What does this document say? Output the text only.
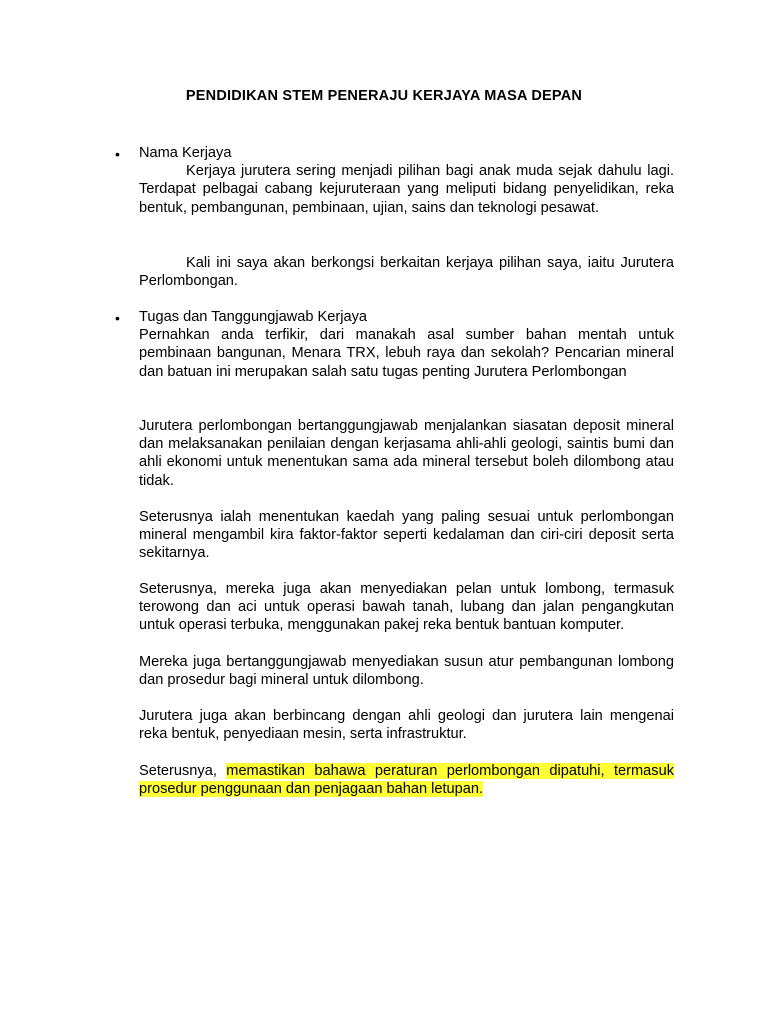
PENDIDIKAN STEM PENERAJU KERJAYA MASA DEPAN
• Nama Kerjaya

Kerjaya jurutera sering menjadi pilihan bagi anak muda sejak dahulu lagi. Terdapat pelbagai cabang kejuruteraan yang meliputi bidang penyelidikan, reka bentuk, pembangunan, pembinaan, ujian, sains dan teknologi pesawat.

Kali ini saya akan berkongsi berkaitan kerjaya pilihan saya, iaitu Jurutera Perlombongan.
• Tugas dan Tanggungjawab Kerjaya

Pernahkan anda terfikir, dari manakah asal sumber bahan mentah untuk pembinaan bangunan, Menara TRX, lebuh raya dan sekolah? Pencarian mineral dan batuan ini merupakan salah satu tugas penting Jurutera Perlombongan

Jurutera perlombongan bertanggungjawab menjalankan siasatan deposit mineral dan melaksanakan penilaian dengan kerjasama ahli-ahli geologi, saintis bumi dan ahli ekonomi untuk menentukan sama ada mineral tersebut boleh dilombong atau tidak.
Seterusnya ialah menentukan kaedah yang paling sesuai untuk perlombongan mineral mengambil kira faktor-faktor seperti kedalaman dan ciri-ciri deposit serta sekitarnya.
Seterusnya, mereka juga akan menyediakan pelan untuk lombong, termasuk terowong dan aci untuk operasi bawah tanah, lubang dan jalan pengangkutan untuk operasi terbuka, menggunakan pakej reka bentuk bantuan komputer.
Mereka juga bertanggungjawab menyediakan susun atur pembangunan lombong dan prosedur bagi mineral untuk dilombong.
Jurutera juga akan berbincang dengan ahli geologi dan jurutera lain mengenai reka bentuk, penyediaan mesin, serta infrastruktur.
Seterusnya, memastikan bahawa peraturan perlombongan dipatuhi, termasuk prosedur penggunaan dan penjagaan bahan letupan.
